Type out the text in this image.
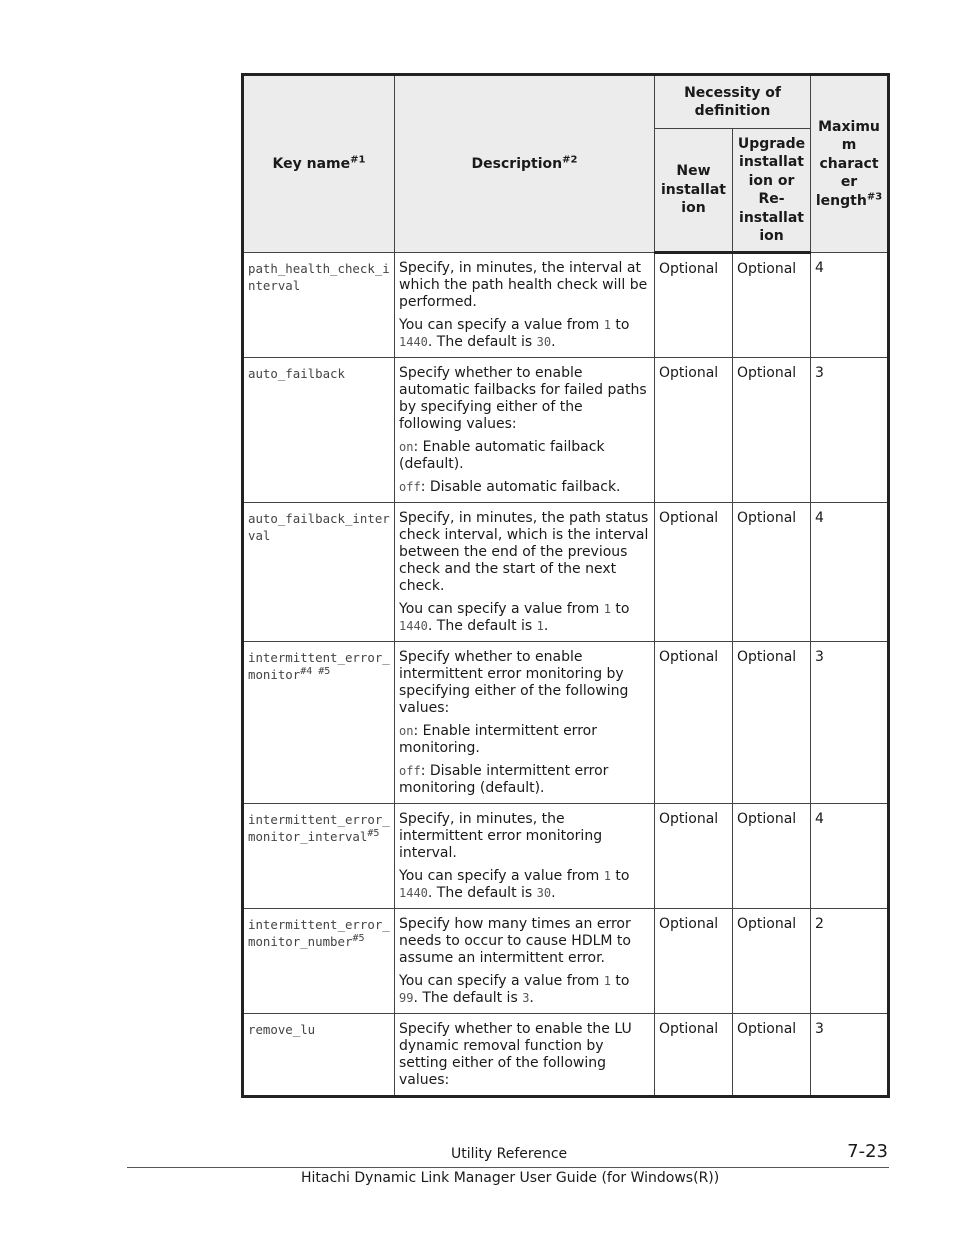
Key name$^{\#1}$	Description$^{\#2}$	Necessity of definition		Maximu m charact er length$^{\#3}$
		New installat ion	Upgrade installat ion or Re-installat ion	
path_health_check_interval	Specify, in minutes, the interval at which the path health check will be performed.

You can specify a value from 1 to 1440. The default is 30.	Optional	Optional	4
auto_failback	Specify whether to enable automatic failbacks for failed paths by specifying either of the following values:

on: Enable automatic failback (default).

off: Disable automatic failback.	Optional	Optional	3
auto_failback_interval	Specify, in minutes, the path status check interval, which is the interval between the end of the previous check and the start of the next check.

You can specify a value from 1 to 1440. The default is 1.	Optional	Optional	4
intermittent_error_monitor$^{\#4 \#5}$	Specify whether to enable intermittent error monitoring by specifying either of the following values:

on: Enable intermittent error monitoring.

off: Disable intermittent error monitoring (default).	Optional	Optional	3
intermittent_error_monitor_interval$^{\#5}$	Specify, in minutes, the intermittent error monitoring interval.

You can specify a value from 1 to 1440. The default is 30.	Optional	Optional	4
intermittent_error_monitor_number$^{\#5}$	Specify how many times an error needs to occur to cause HDLM to assume an intermittent error.

You can specify a value from 1 to 99. The default is 3.	Optional	Optional	2
remove_lu	Specify whether to enable the LU dynamic removal function by setting either of the following values:	Optional	Optional	3
Utility Reference	7-23
Hitachi Dynamic Link Manager User Guide (for Windows(R))
